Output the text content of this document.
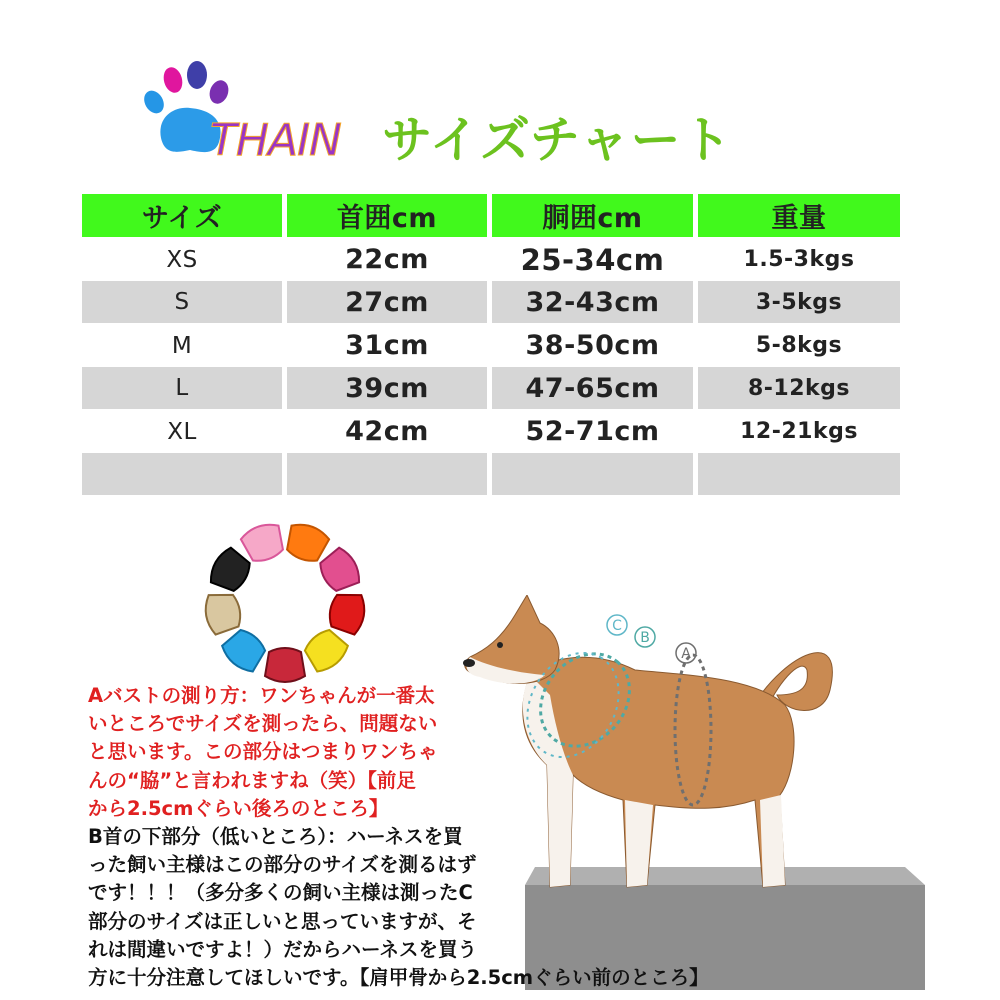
THAIN サイズチャート
サイズ	首囲cm	胴囲cm	重量
XS	22cm	25-34cm	1.5-3kgs
S	27cm	32-43cm	3-5kgs
M	31cm	38-50cm	5-8kgs
L	39cm	47-65cm	8-12kgs
XL	42cm	52-71cm	12-21kgs
A
B
C
Aバストの測り方：ワンちゃんが一番太
いところでサイズを測ったら、問題ない
と思います。この部分はつまりワンちゃ
んの“脇”と言われますね（笑）【前足
から2.5cmぐらい後ろのところ】
B首の下部分（低いところ）：ハーネスを買
った飼い主様はこの部分のサイズを測るはず
です！！！（多分多くの飼い主様は測ったC
部分のサイズは正しいと思っていますが、そ
れは間違いですよ！）だからハーネスを買う
方に十分注意してほしいです。【肩甲骨から2.5cmぐらい前のところ】
